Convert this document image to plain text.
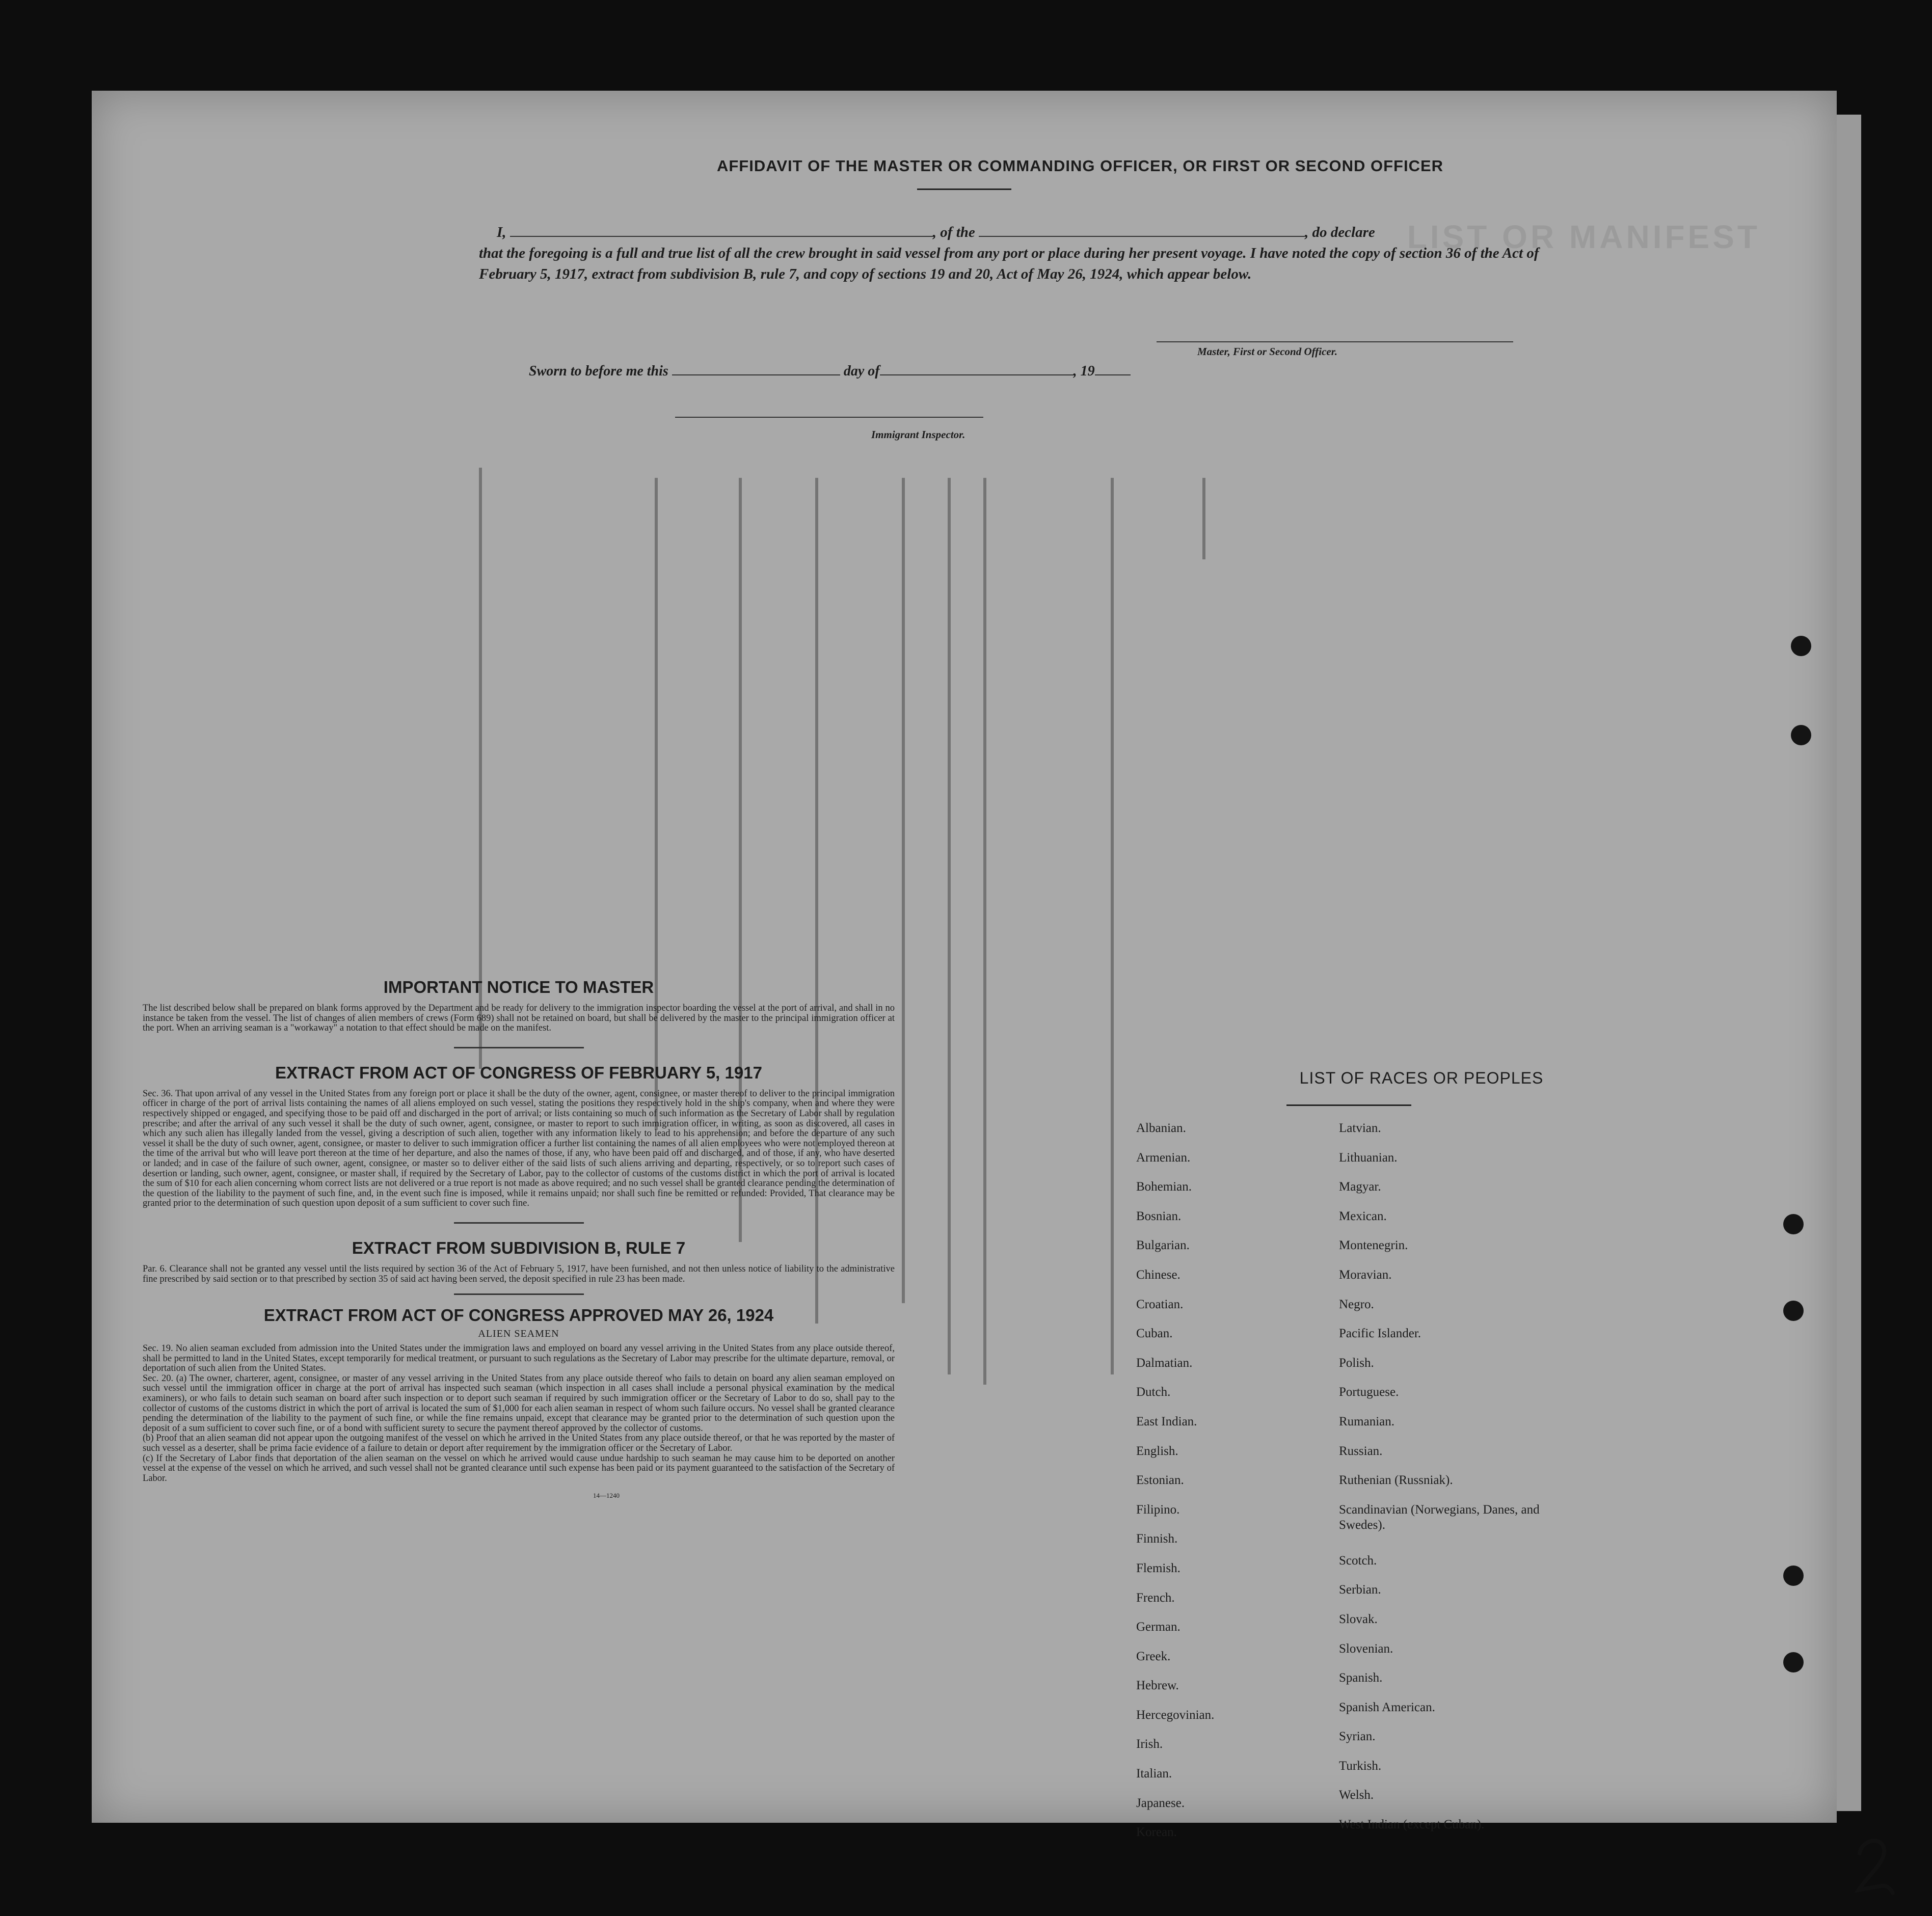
LIST OR MANIFEST
AFFIDAVIT OF THE MASTER OR COMMANDING OFFICER, OR FIRST OR SECOND OFFICER
I,	, of the	, do declare
that the foregoing is a full and true list of all the crew brought in said vessel from any port or place during her present voyage. I have noted the copy of section 36 of the Act of February 5, 1917, extract from subdivision B, rule 7, and copy of sections 19 and 20, Act of May 26, 1924, which appear below.
Master, First or Second Officer.
Sworn to before me this	day of	, 19
Immigrant Inspector.
IMPORTANT NOTICE TO MASTER

The list described below shall be prepared on blank forms approved by the Department and be ready for delivery to the immigration inspector boarding the vessel at the port of arrival, and shall in no instance be taken from the vessel. The list of changes of alien members of crews (Form 689) shall not be retained on board, but shall be delivered by the master to the principal immigration officer at the port. When an arriving seaman is a "workaway" a notation to that effect should be made on the manifest.

EXTRACT FROM ACT OF CONGRESS OF FEBRUARY 5, 1917

Sec. 36. That upon arrival of any vessel in the United States from any foreign port or place it shall be the duty of the owner, agent, consignee, or master thereof to deliver to the principal immigration officer in charge of the port of arrival lists containing the names of all aliens employed on such vessel, stating the positions they respectively hold in the ship's company, when and where they were respectively shipped or engaged, and specifying those to be paid off and discharged in the port of arrival; or lists containing so much of such information as the Secretary of Labor shall by regulation prescribe; and after the arrival of any such vessel it shall be the duty of such owner, agent, consignee, or master to report to such immigration officer, in writing, as soon as discovered, all cases in which any such alien has illegally landed from the vessel, giving a description of such alien, together with any information likely to lead to his apprehension; and before the departure of any such vessel it shall be the duty of such owner, agent, consignee, or master to deliver to such immigration officer a further list containing the names of all alien employees who were not employed thereon at the time of the arrival but who will leave port thereon at the time of her departure, and also the names of those, if any, who have been paid off and discharged, and of those, if any, who have deserted or landed; and in case of the failure of such owner, agent, consignee, or master so to deliver either of the said lists of such aliens arriving and departing, respectively, or so to report such cases of desertion or landing, such owner, agent, consignee, or master shall, if required by the Secretary of Labor, pay to the collector of customs of the customs district in which the port of arrival is located the sum of $10 for each alien concerning whom correct lists are not delivered or a true report is not made as above required; and no such vessel shall be granted clearance pending the determination of the question of the liability to the payment of such fine, and, in the event such fine is imposed, while it remains unpaid; nor shall such fine be remitted or refunded: Provided, That clearance may be granted prior to the determination of such question upon deposit of a sum sufficient to cover such fine.

EXTRACT FROM SUBDIVISION B, RULE 7

Par. 6. Clearance shall not be granted any vessel until the lists required by section 36 of the Act of February 5, 1917, have been furnished, and not then unless notice of liability to the administrative fine prescribed by said section or to that prescribed by section 35 of said act having been served, the deposit specified in rule 23 has been made.

EXTRACT FROM ACT OF CONGRESS APPROVED MAY 26, 1924
ALIEN SEAMEN

Sec. 19. No alien seaman excluded from admission into the United States under the immigration laws and employed on board any vessel arriving in the United States from any place outside thereof, shall be permitted to land in the United States, except temporarily for medical treatment, or pursuant to such regulations as the Secretary of Labor may prescribe for the ultimate departure, removal, or deportation of such alien from the United States.

Sec. 20. (a) The owner, charterer, agent, consignee, or master of any vessel arriving in the United States from any place outside thereof who fails to detain on board any alien seaman employed on such vessel until the immigration officer in charge at the port of arrival has inspected such seaman (which inspection in all cases shall include a personal physical examination by the medical examiners), or who fails to detain such seaman on board after such inspection or to deport such seaman if required by such immigration officer or the Secretary of Labor to do so, shall pay to the collector of customs of the customs district in which the port of arrival is located the sum of $1,000 for each alien seaman in respect of whom such failure occurs. No vessel shall be granted clearance pending the determination of the liability to the payment of such fine, or while the fine remains unpaid, except that clearance may be granted prior to the determination of such question upon the deposit of a sum sufficient to cover such fine, or of a bond with sufficient surety to secure the payment thereof approved by the collector of customs.

(b) Proof that an alien seaman did not appear upon the outgoing manifest of the vessel on which he arrived in the United States from any place outside thereof, or that he was reported by the master of such vessel as a deserter, shall be prima facie evidence of a failure to detain or deport after requirement by the immigration officer or the Secretary of Labor.

(c) If the Secretary of Labor finds that deportation of the alien seaman on the vessel on which he arrived would cause undue hardship to such seaman he may cause him to be deported on another vessel at the expense of the vessel on which he arrived, and such vessel shall not be granted clearance until such expense has been paid or its payment guaranteed to the satisfaction of the Secretary of Labor.

14—1240
LIST OF RACES OR PEOPLES
Albanian.
Armenian.
Bohemian.
Bosnian.
Bulgarian.
Chinese.
Croatian.
Cuban.
Dalmatian.
Dutch.
East Indian.
English.
Estonian.
Filipino.
Finnish.
Flemish.
French.
German.
Greek.
Hebrew.
Hercegovinian.
Irish.
Italian.
Japanese.
Korean.
Latvian.
Lithuanian.
Magyar.
Mexican.
Montenegrin.
Moravian.
Negro.
Pacific Islander.
Polish.
Portuguese.
Rumanian.
Russian.
Ruthenian (Russniak).
Scandinavian (Norwegians, Danes, and Swedes).
Scotch.
Serbian.
Slovak.
Slovenian.
Spanish.
Spanish American.
Syrian.
Turkish.
Welsh.
West Indian (except Cuban).
